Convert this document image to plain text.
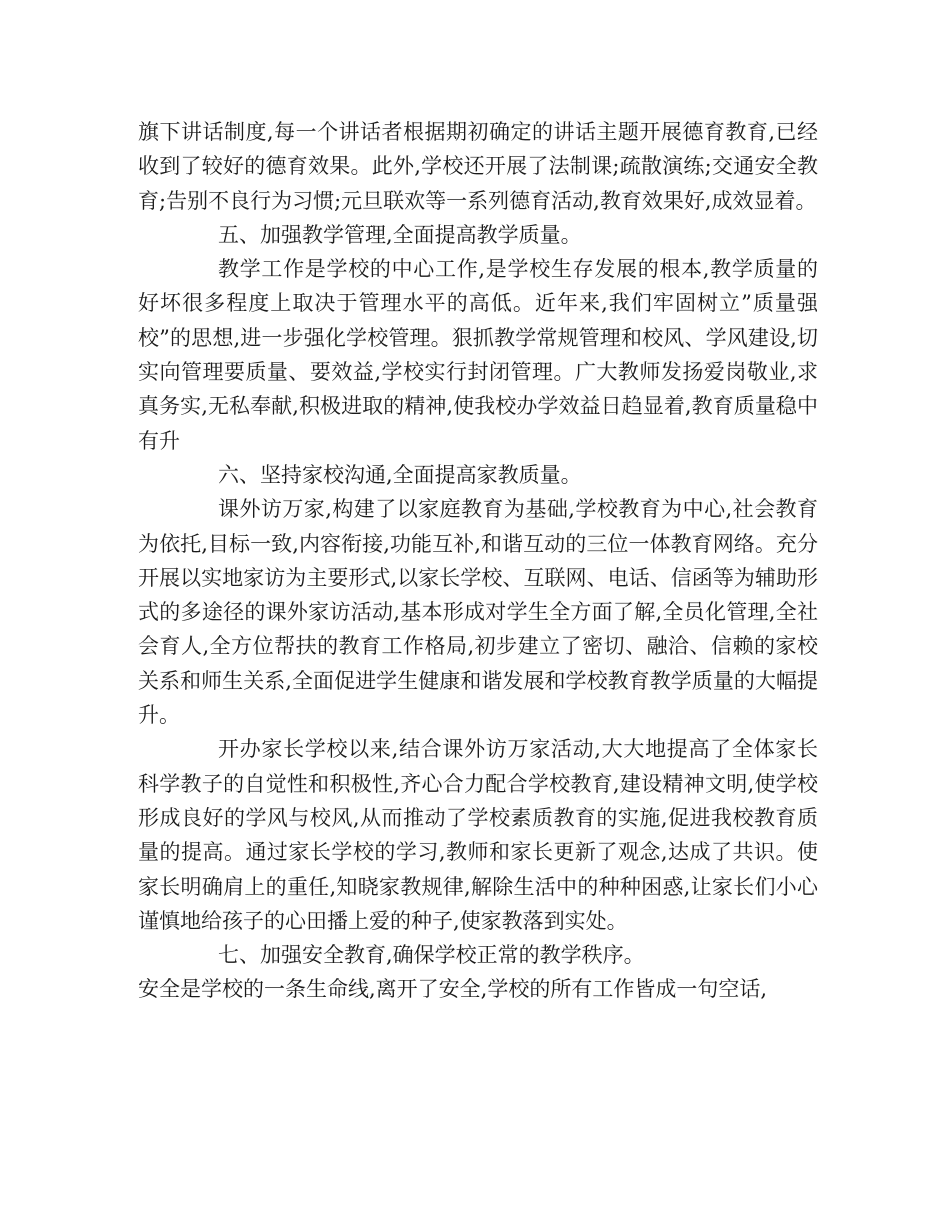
旗下讲话制度,每一个讲话者根据期初确定的讲话主题开展德育教育,已经收到了较好的德育效果。此外,学校还开展了法制课;疏散演练;交通安全教育;告别不良行为习惯;元旦联欢等一系列德育活动,教育效果好,成效显着。

五、加强教学管理,全面提高教学质量。

教学工作是学校的中心工作,是学校生存发展的根本,教学质量的好坏很多程度上取决于管理水平的高低。近年来,我们牢固树立”质量强校”的思想,进一步强化学校管理。狠抓教学常规管理和校风、学风建设,切实向管理要质量、要效益,学校实行封闭管理。广大教师发扬爱岗敬业,求真务实,无私奉献,积极进取的精神,使我校办学效益日趋显着,教育质量稳中有升

六、坚持家校沟通,全面提高家教质量。

课外访万家,构建了以家庭教育为基础,学校教育为中心,社会教育为依托,目标一致,内容衔接,功能互补,和谐互动的三位一体教育网络。充分开展以实地家访为主要形式,以家长学校、互联网、电话、信函等为辅助形式的多途径的课外家访活动,基本形成对学生全方面了解,全员化管理,全社会育人,全方位帮扶的教育工作格局,初步建立了密切、融洽、信赖的家校关系和师生关系,全面促进学生健康和谐发展和学校教育教学质量的大幅提升。

开办家长学校以来,结合课外访万家活动,大大地提高了全体家长科学教子的自觉性和积极性,齐心合力配合学校教育,建设精神文明,使学校形成良好的学风与校风,从而推动了学校素质教育的实施,促进我校教育质量的提高。通过家长学校的学习,教师和家长更新了观念,达成了共识。使家长明确肩上的重任,知晓家教规律,解除生活中的种种困惑,让家长们小心谨慎地给孩子的心田播上爱的种子,使家教落到实处。

七、加强安全教育,确保学校正常的教学秩序。

安全是学校的一条生命线,离开了安全,学校的所有工作皆成一句空话,
